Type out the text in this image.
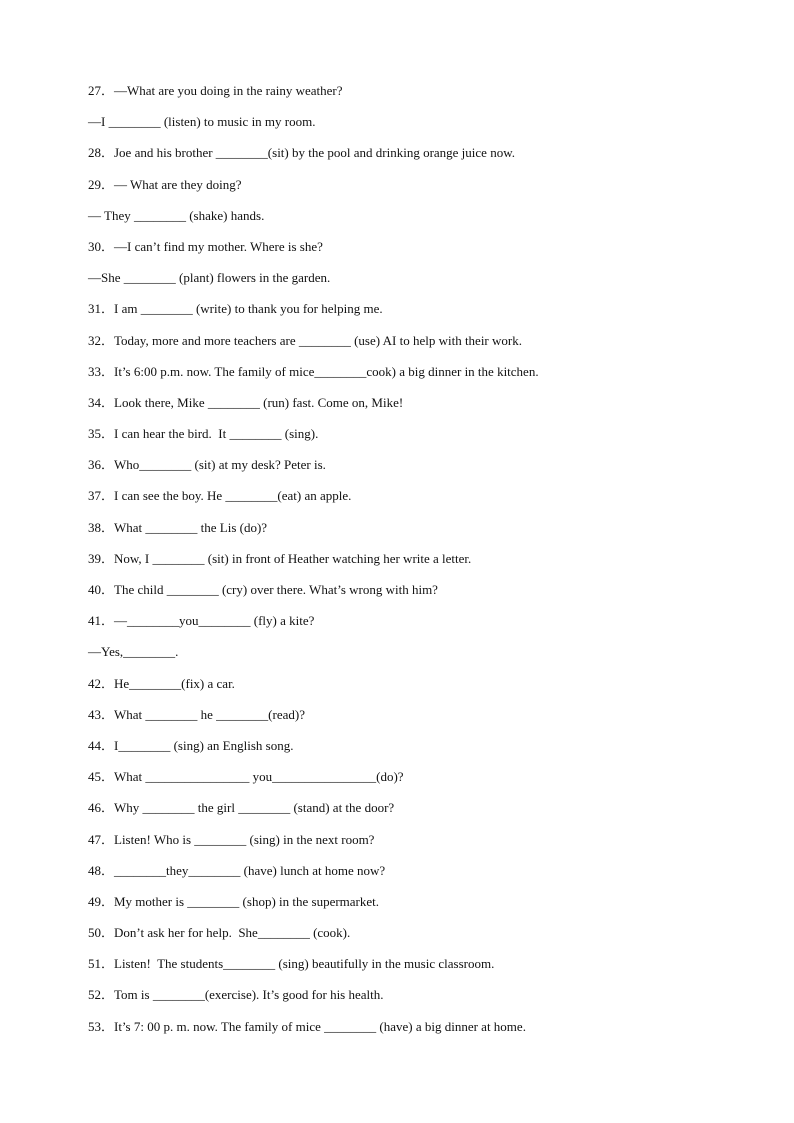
27．—What are you doing in the rainy weather?
—I ________ (listen) to music in my room.
28．Joe and his brother ________(sit) by the pool and drinking orange juice now.
29．— What are they doing?
— They ________ (shake) hands.
30．—I can’t find my mother. Where is she?
—She ________ (plant) flowers in the garden.
31．I am ________ (write) to thank you for helping me.
32．Today, more and more teachers are ________ (use) AI to help with their work.
33．It’s 6:00 p.m. now. The family of mice________cook) a big dinner in the kitchen.
34．Look there, Mike ________ (run) fast. Come on, Mike!
35．I can hear the bird.  It ________ (sing).
36．Who________ (sit) at my desk? Peter is.
37．I can see the boy. He ________(eat) an apple.
38．What ________ the Lis (do)?
39．Now, I ________ (sit) in front of Heather watching her write a letter.
40．The child ________ (cry) over there. What’s wrong with him?
41．—________you________ (fly) a kite?
—Yes,________.
42．He________(fix) a car.
43．What ________ he ________(read)?
44．I________ (sing) an English song.
45．What ________________ you________________(do)?
46．Why ________ the girl ________ (stand) at the door?
47．Listen! Who is ________ (sing) in the next room?
48．________they________ (have) lunch at home now?
49．My mother is ________ (shop) in the supermarket.
50．Don’t ask her for help.  She________ (cook).
51．Listen!  The students________ (sing) beautifully in the music classroom.
52．Tom is ________(exercise). It’s good for his health.
53．It’s 7: 00 p. m. now. The family of mice ________ (have) a big dinner at home.
